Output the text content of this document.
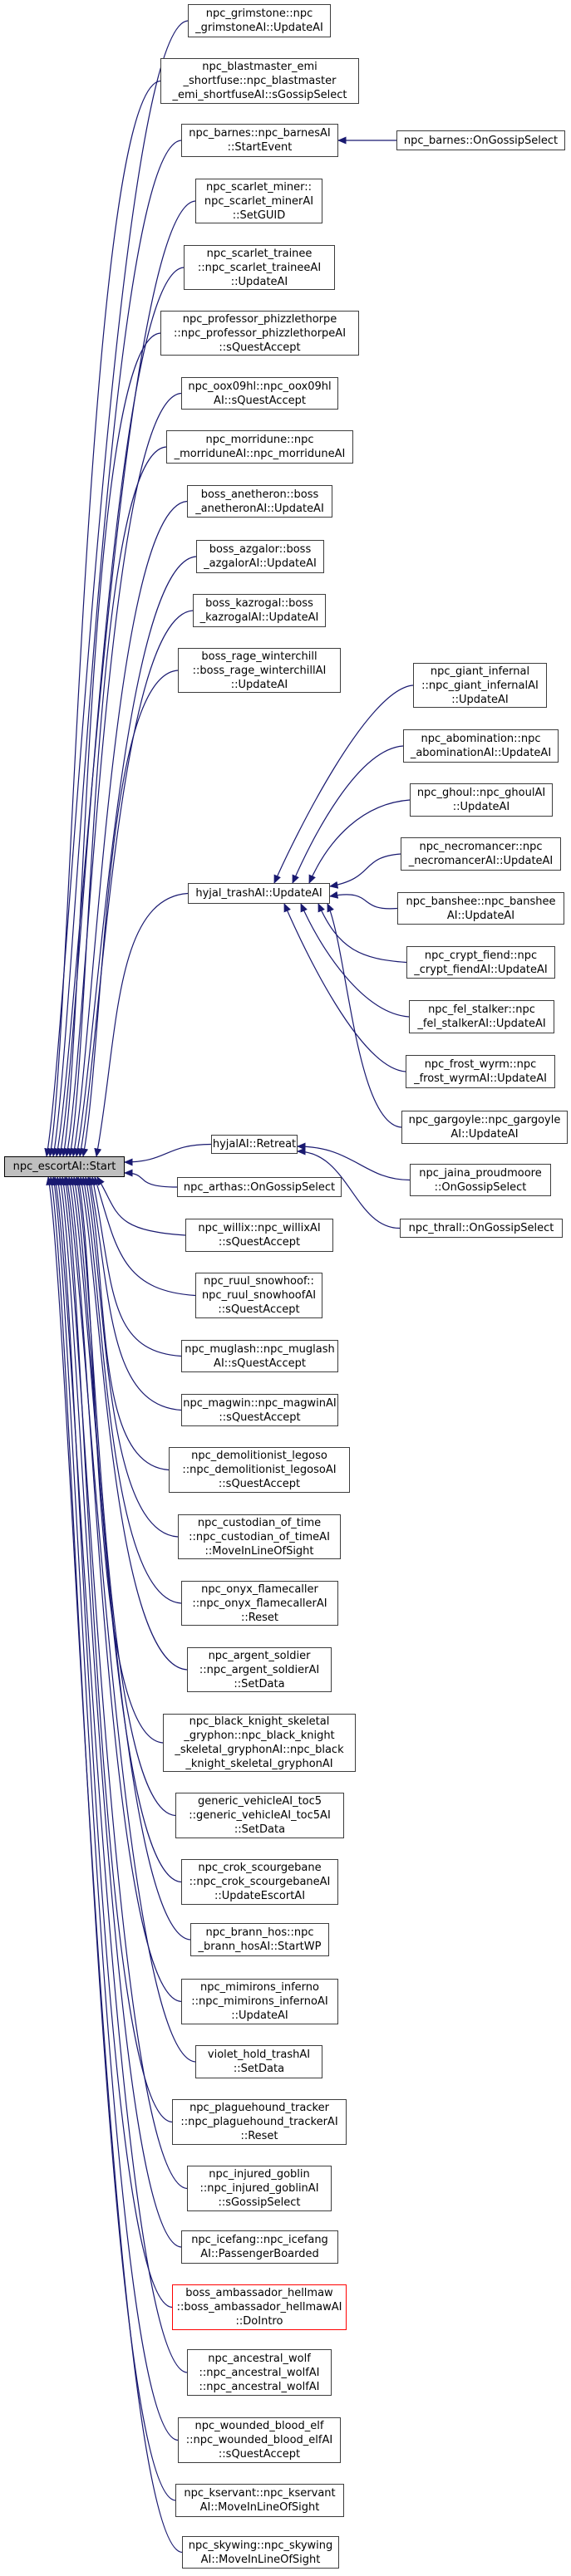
npc_escortAI::Start
npc_grimstone::npc
_grimstoneAI::UpdateAI
npc_blastmaster_emi
_shortfuse::npc_blastmaster
_emi_shortfuseAI::sGossipSelect
npc_barnes::npc_barnesAI
::StartEvent
npc_scarlet_miner::
npc_scarlet_minerAI
::SetGUID
npc_scarlet_trainee
::npc_scarlet_traineeAI
::UpdateAI
npc_professor_phizzlethorpe
::npc_professor_phizzlethorpeAI
::sQuestAccept
npc_oox09hl::npc_oox09hl
AI::sQuestAccept
npc_morridune::npc
_morriduneAI::npc_morriduneAI
boss_anetheron::boss
_anetheronAI::UpdateAI
boss_azgalor::boss
_azgalorAI::UpdateAI
boss_kazrogal::boss
_kazrogalAI::UpdateAI
boss_rage_winterchill
::boss_rage_winterchillAI
::UpdateAI
hyjal_trashAI::UpdateAI
hyjalAI::Retreat
npc_arthas::OnGossipSelect
npc_willix::npc_willixAI
::sQuestAccept
npc_ruul_snowhoof::
npc_ruul_snowhoofAI
::sQuestAccept
npc_muglash::npc_muglash
AI::sQuestAccept
npc_magwin::npc_magwinAI
::sQuestAccept
npc_demolitionist_legoso
::npc_demolitionist_legosoAI
::sQuestAccept
npc_custodian_of_time
::npc_custodian_of_timeAI
::MoveInLineOfSight
npc_onyx_flamecaller
::npc_onyx_flamecallerAI
::Reset
npc_argent_soldier
::npc_argent_soldierAI
::SetData
npc_black_knight_skeletal
_gryphon::npc_black_knight
_skeletal_gryphonAI::npc_black
_knight_skeletal_gryphonAI
generic_vehicleAI_toc5
::generic_vehicleAI_toc5AI
::SetData
npc_crok_scourgebane
::npc_crok_scourgebaneAI
::UpdateEscortAI
npc_brann_hos::npc
_brann_hosAI::StartWP
npc_mimirons_inferno
::npc_mimirons_infernoAI
::UpdateAI
violet_hold_trashAI
::SetData
npc_plaguehound_tracker
::npc_plaguehound_trackerAI
::Reset
npc_injured_goblin
::npc_injured_goblinAI
::sGossipSelect
npc_icefang::npc_icefang
AI::PassengerBoarded
boss_ambassador_hellmaw
::boss_ambassador_hellmawAI
::DoIntro
npc_ancestral_wolf
::npc_ancestral_wolfAI
::npc_ancestral_wolfAI
npc_wounded_blood_elf
::npc_wounded_blood_elfAI
::sQuestAccept
npc_kservant::npc_kservant
AI::MoveInLineOfSight
npc_skywing::npc_skywing
AI::MoveInLineOfSight
npc_barnes::OnGossipSelect
npc_giant_infernal
::npc_giant_infernalAI
::UpdateAI
npc_abomination::npc
_abominationAI::UpdateAI
npc_ghoul::npc_ghoulAI
::UpdateAI
npc_necromancer::npc
_necromancerAI::UpdateAI
npc_banshee::npc_banshee
AI::UpdateAI
npc_crypt_fiend::npc
_crypt_fiendAI::UpdateAI
npc_fel_stalker::npc
_fel_stalkerAI::UpdateAI
npc_frost_wyrm::npc
_frost_wyrmAI::UpdateAI
npc_gargoyle::npc_gargoyle
AI::UpdateAI
npc_jaina_proudmoore
::OnGossipSelect
npc_thrall::OnGossipSelect
